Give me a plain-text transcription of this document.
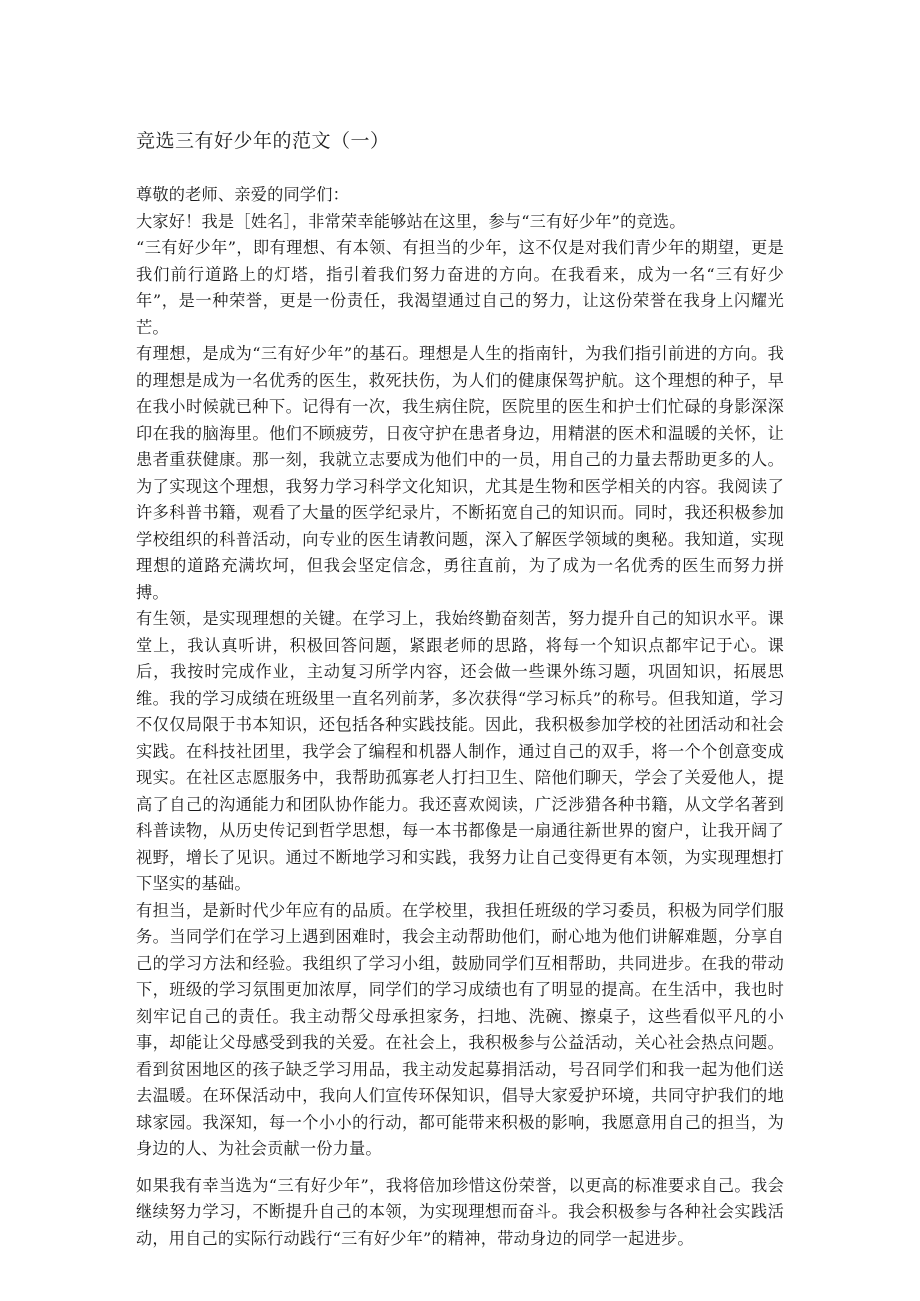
竞选三有好少年的范文（一）

尊敬的老师、亲爱的同学们：

大家好！我是［姓名］，非常荣幸能够站在这里，参与“三有好少年”的竞选。

“三有好少年”，即有理想、有本领、有担当的少年，这不仅是对我们青少年的期望，更是我们前行道路上的灯塔，指引着我们努力奋进的方向。在我看来，成为一名“三有好少年”，是一种荣誉，更是一份责任，我渴望通过自己的努力，让这份荣誉在我身上闪耀光芒。

有理想，是成为“三有好少年”的基石。理想是人生的指南针，为我们指引前进的方向。我的理想是成为一名优秀的医生，救死扶伤，为人们的健康保驾护航。这个理想的种子，早在我小时候就已种下。记得有一次，我生病住院，医院里的医生和护士们忙碌的身影深深印在我的脑海里。他们不顾疲劳，日夜守护在患者身边，用精湛的医术和温暖的关怀，让患者重获健康。那一刻，我就立志要成为他们中的一员，用自己的力量去帮助更多的人。为了实现这个理想，我努力学习科学文化知识，尤其是生物和医学相关的内容。我阅读了许多科普书籍，观看了大量的医学纪录片，不断拓宽自己的知识而。同时，我还积极参加学校组织的科普活动，向专业的医生请教问题，深入了解医学领域的奥秘。我知道，实现理想的道路充满坎坷，但我会坚定信念，勇往直前，为了成为一名优秀的医生而努力拼搏。

有生领，是实现理想的关键。在学习上，我始终勤奋刻苦，努力提升自己的知识水平。课堂上，我认真听讲，积极回答问题，紧跟老师的思路，将每一个知识点都牢记于心。课后，我按时完成作业，主动复习所学内容，还会做一些课外练习题，巩固知识，拓展思维。我的学习成绩在班级里一直名列前茅，多次获得“学习标兵”的称号。但我知道，学习不仅仅局限于书本知识，还包括各种实践技能。因此，我积极参加学校的社团活动和社会实践。在科技社团里，我学会了编程和机器人制作，通过自己的双手，将一个个创意变成现实。在社区志愿服务中，我帮助孤寡老人打扫卫生、陪他们聊天，学会了关爱他人，提高了自己的沟通能力和团队协作能力。我还喜欢阅读，广泛涉猎各种书籍，从文学名著到科普读物，从历史传记到哲学思想，每一本书都像是一扇通往新世界的窗户，让我开阔了视野，增长了见识。通过不断地学习和实践，我努力让自己变得更有本领，为实现理想打下坚实的基础。

有担当，是新时代少年应有的品质。在学校里，我担任班级的学习委员，积极为同学们服务。当同学们在学习上遇到困难时，我会主动帮助他们，耐心地为他们讲解难题，分享自己的学习方法和经验。我组织了学习小组，鼓励同学们互相帮助，共同进步。在我的带动下，班级的学习氛围更加浓厚，同学们的学习成绩也有了明显的提高。在生活中，我也时刻牢记自己的责任。我主动帮父母承担家务，扫地、洗碗、擦桌子，这些看似平凡的小事，却能让父母感受到我的关爱。在社会上，我积极参与公益活动，关心社会热点问题。看到贫困地区的孩子缺乏学习用品，我主动发起募捐活动，号召同学们和我一起为他们送去温暖。在环保活动中，我向人们宣传环保知识，倡导大家爱护环境，共同守护我们的地球家园。我深知，每一个小小的行动，都可能带来积极的影响，我愿意用自己的担当，为身边的人、为社会贡献一份力量。

如果我有幸当选为“三有好少年”，我将倍加珍惜这份荣誉，以更高的标准要求自己。我会继续努力学习，不断提升自己的本领，为实现理想而奋斗。我会积极参与各种社会实践活动，用自己的实际行动践行“三有好少年”的精神，带动身边的同学一起进步。
